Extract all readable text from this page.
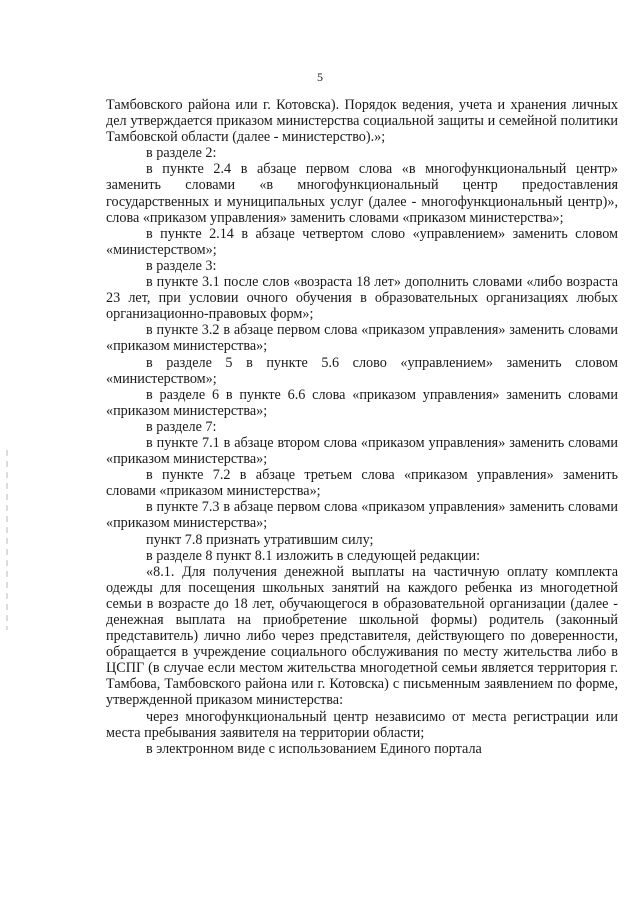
5

Тамбовского района или г. Котовска). Порядок ведения, учета и хранения личных дел утверждается приказом министерства социальной защиты и семейной политики Тамбовской области (далее - министерство).»;

в разделе 2:

в пункте 2.4 в абзаце первом слова «в многофункциональный центр» заменить словами «в многофункциональный центр предоставления государственных и муниципальных услуг (далее - многофункциональный центр)», слова «приказом управления» заменить словами «приказом министерства»;

в пункте 2.14 в абзаце четвертом слово «управлением» заменить словом «министерством»;

в разделе 3:

в пункте 3.1 после слов «возраста 18 лет» дополнить словами «либо возраста 23 лет, при условии очного обучения в образовательных организациях любых организационно-правовых форм»;

в пункте 3.2 в абзаце первом слова «приказом управления» заменить словами «приказом министерства»;

в разделе 5 в пункте 5.6 слово «управлением» заменить словом «министерством»;

в разделе 6 в пункте 6.6 слова «приказом управления» заменить словами «приказом министерства»;

в разделе 7:

в пункте 7.1 в абзаце втором слова «приказом управления» заменить словами «приказом министерства»;

в пункте 7.2 в абзаце третьем слова «приказом управления» заменить словами «приказом министерства»;

в пункте 7.3 в абзаце первом слова «приказом управления» заменить словами «приказом министерства»;

пункт 7.8 признать утратившим силу;

в разделе 8 пункт 8.1 изложить в следующей редакции:

«8.1. Для получения денежной выплаты на частичную оплату комплекта одежды для посещения школьных занятий на каждого ребенка из многодетной семьи в возрасте до 18 лет, обучающегося в образовательной организации (далее - денежная выплата на приобретение школьной формы) родитель (законный представитель) лично либо через представителя, действующего по доверенности, обращается в учреждение социального обслуживания по месту жительства либо в ЦСПГ (в случае если местом жительства многодетной семьи является территория г. Тамбова, Тамбовского района или г. Котовска) с письменным заявлением по форме, утвержденной приказом министерства:

через многофункциональный центр независимо от места регистрации или места пребывания заявителя на территории области;

в электронном виде с использованием Единого портала
